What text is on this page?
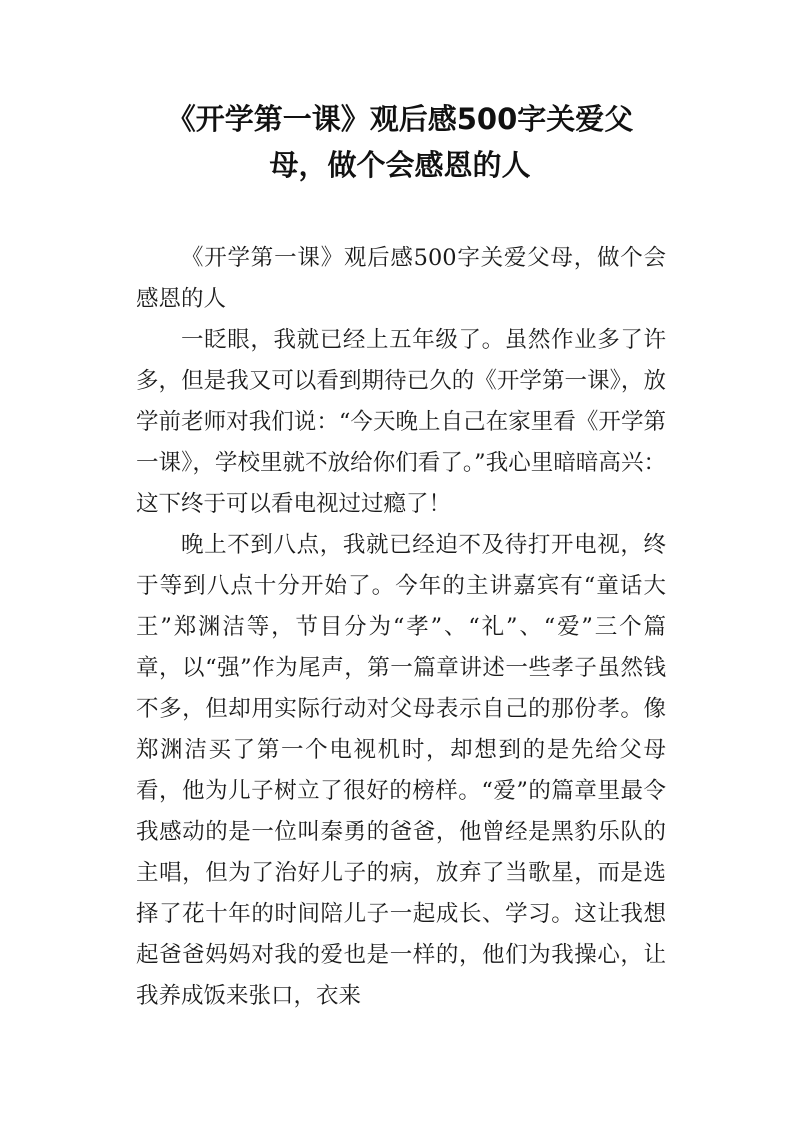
《开学第一课》观后感500字关爱父
母，做个会感恩的人

《开学第一课》观后感500字关爱父母，做个会感恩的人

一眨眼，我就已经上五年级了。虽然作业多了许多，但是我又可以看到期待已久的《开学第一课》，放学前老师对我们说：“今天晚上自己在家里看《开学第一课》，学校里就不放给你们看了。”我心里暗暗高兴：这下终于可以看电视过过瘾了！

晚上不到八点，我就已经迫不及待打开电视，终于等到八点十分开始了。今年的主讲嘉宾有“童话大王”郑渊洁等，节目分为“孝”、“礼”、“爱”三个篇章，以“强”作为尾声，第一篇章讲述一些孝子虽然钱不多，但却用实际行动对父母表示自己的那份孝。像郑渊洁买了第一个电视机时，却想到的是先给父母看，他为儿子树立了很好的榜样。“爱”的篇章里最令我感动的是一位叫秦勇的爸爸，他曾经是黑豹乐队的主唱，但为了治好儿子的病，放弃了当歌星，而是选择了花十年的时间陪儿子一起成长、学习。这让我想起爸爸妈妈对我的爱也是一样的，他们为我操心，让我养成饭来张口，衣来
